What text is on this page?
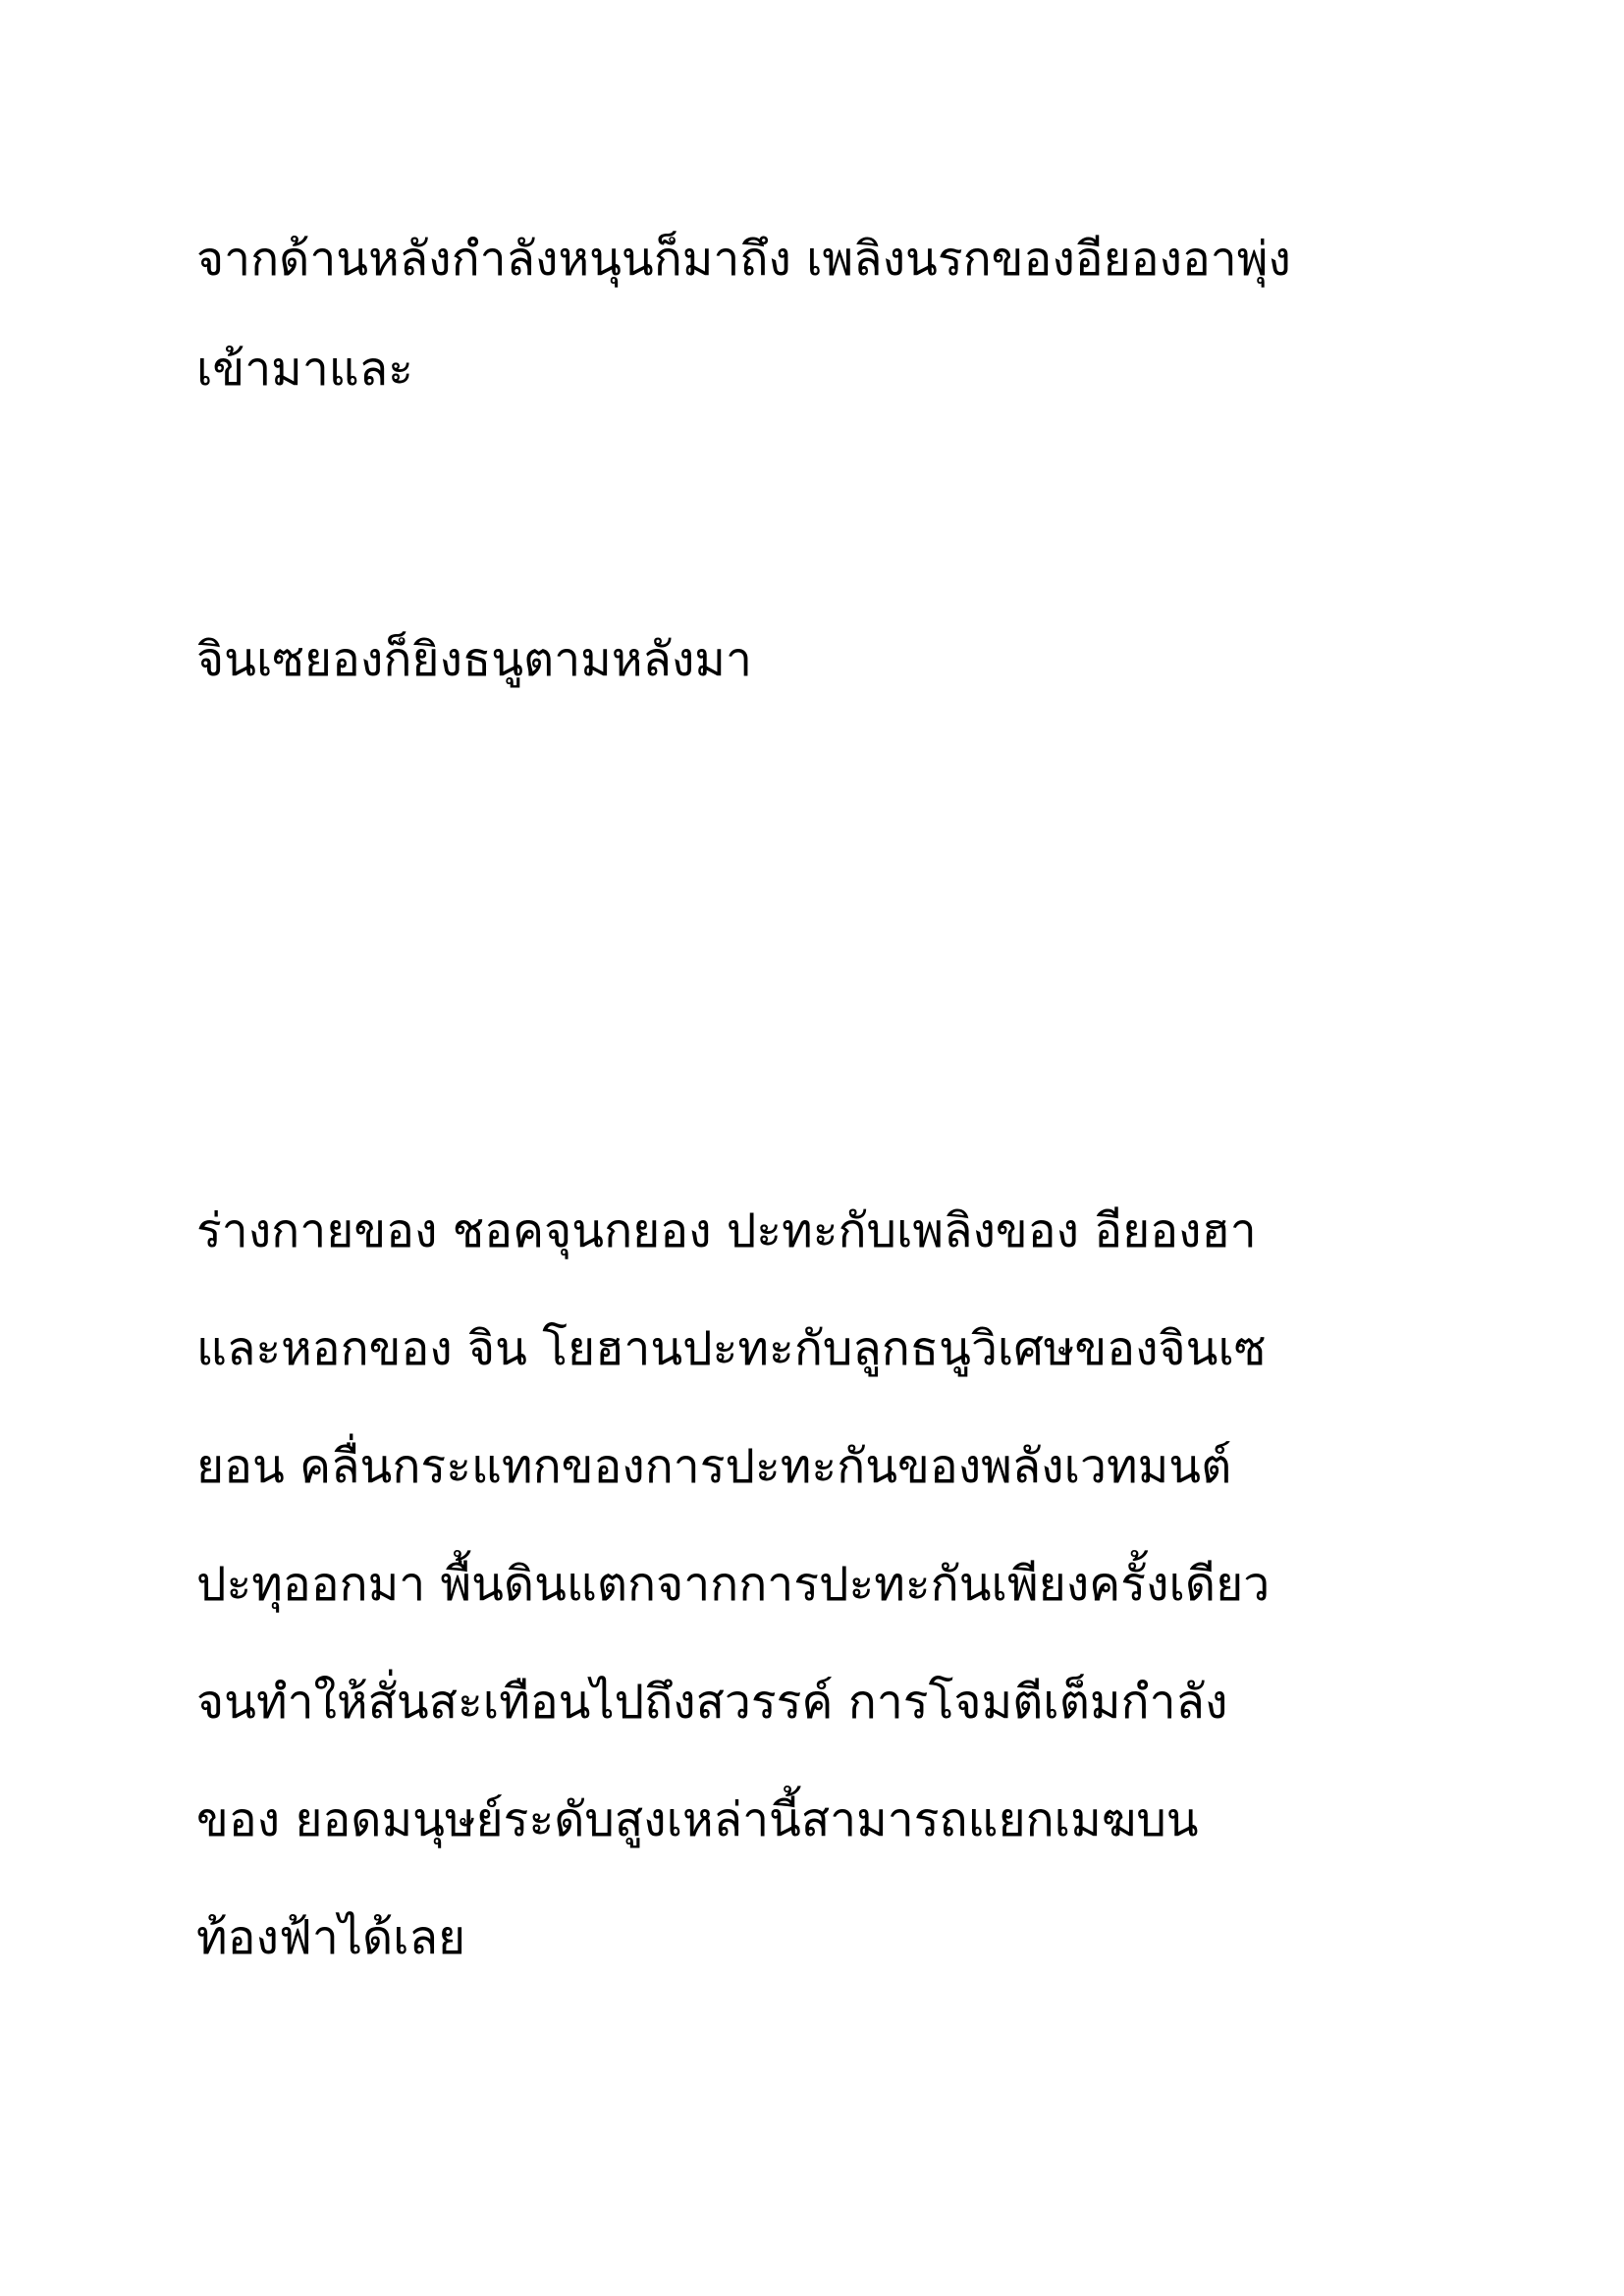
จากด้านหลังกำลังหนุนก็มาถึง เพลิงนรกของอียองอาพุ่ง

เข้ามาและ

จินเซยองก็ยิงธนูตามหลังมา

ร่างกายของ ชอคจุนกยอง ปะทะกับเพลิงของ อียองฮา

และหอกของ จิน โยฮานปะทะกับลูกธนูวิเศษของจินเซ

ยอน คลื่นกระแทกของการปะทะกันของพลังเวทมนต์

ปะทุออกมา พื้นดินแตกจากการปะทะกันเพียงครั้งเดียว

จนทำให้สั่นสะเทือนไปถึงสวรรค์ การโจมตีเต็มกำลัง

ของ ยอดมนุษย์ระดับสูงเหล่านี้สามารถแยกเมฆบน

ท้องฟ้าได้เลย
